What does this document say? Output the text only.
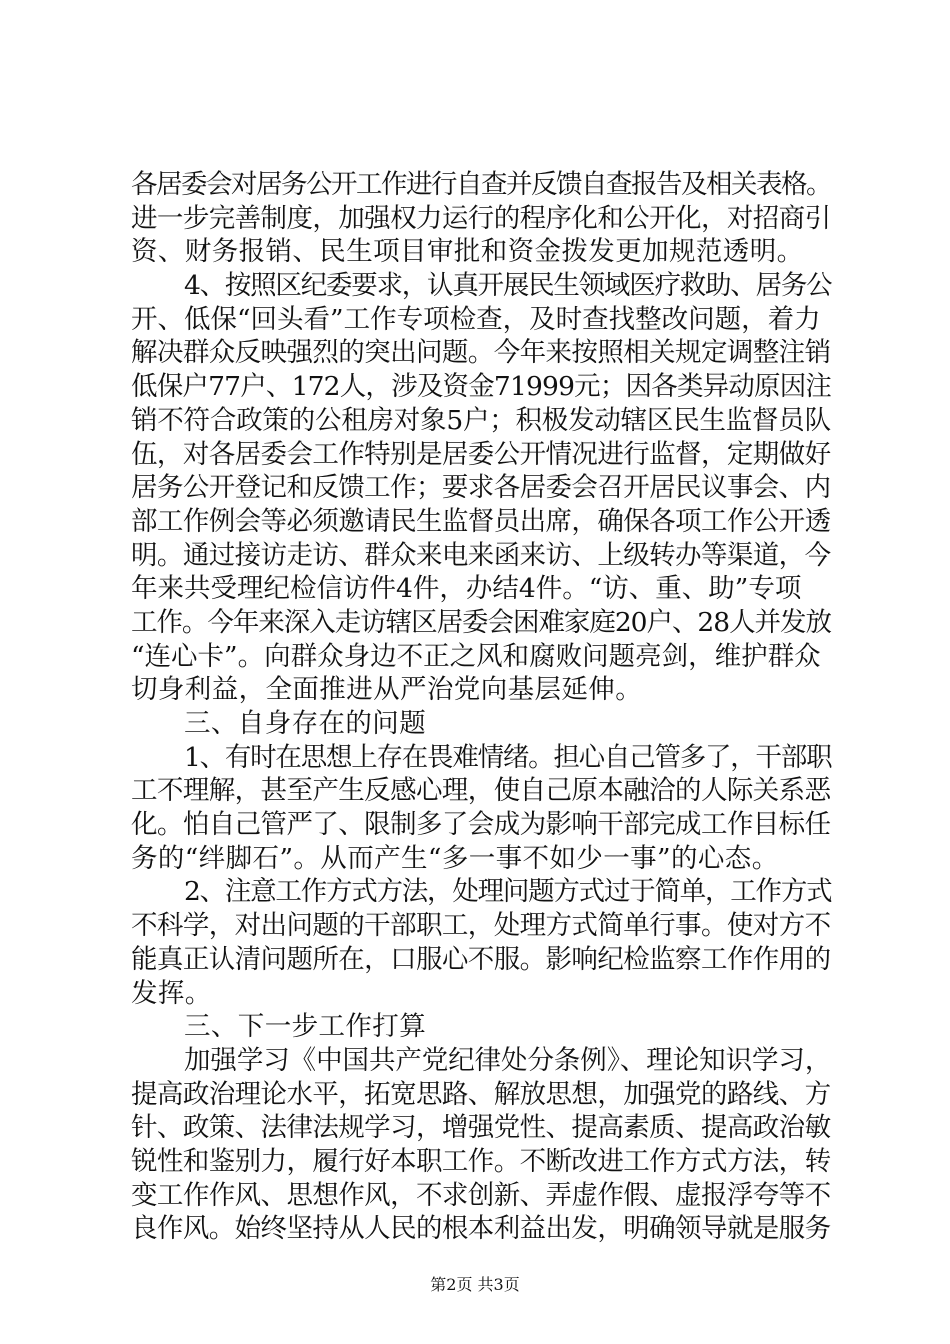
各居委会对居务公开工作进行自查并反馈自查报告及相关表格。
进一步完善制度，加强权力运行的程序化和公开化，对招商引
资、财务报销、民生项目审批和资金拨发更加规范透明。
4、按照区纪委要求，认真开展民生领域医疗救助、居务公
开、低保“回头看”工作专项检查，及时查找整改问题，着力
解决群众反映强烈的突出问题。今年来按照相关规定调整注销
低保户77户、172人，涉及资金71999元；因各类异动原因注
销不符合政策的公租房对象5户；积极发动辖区民生监督员队
伍，对各居委会工作特别是居委公开情况进行监督，定期做好
居务公开登记和反馈工作；要求各居委会召开居民议事会、内
部工作例会等必须邀请民生监督员出席，确保各项工作公开透
明。通过接访走访、群众来电来函来访、上级转办等渠道，今
年来共受理纪检信访件4件，办结4件。“访、重、助”专项
工作。今年来深入走访辖区居委会困难家庭20户、28人并发放
“连心卡”。向群众身边不正之风和腐败问题亮剑，维护群众
切身利益，全面推进从严治党向基层延伸。
三、自身存在的问题
1、有时在思想上存在畏难情绪。担心自己管多了，干部职
工不理解，甚至产生反感心理，使自己原本融洽的人际关系恶
化。怕自己管严了、限制多了会成为影响干部完成工作目标任
务的“绊脚石”。从而产生“多一事不如少一事”的心态。
2、注意工作方式方法，处理问题方式过于简单，工作方式
不科学，对出问题的干部职工，处理方式简单行事。使对方不
能真正认清问题所在，口服心不服。影响纪检监察工作作用的
发挥。
三、下一步工作打算
加强学习《中国共产党纪律处分条例》、理论知识学习，
提高政治理论水平，拓宽思路、解放思想，加强党的路线、方
针、政策、法律法规学习，增强党性、提高素质、提高政治敏
锐性和鉴别力，履行好本职工作。不断改进工作方式方法，转
变工作作风、思想作风，不求创新、弄虚作假、虚报浮夸等不
良作风。始终坚持从人民的根本利益出发，明确领导就是服务
第2页 共3页
